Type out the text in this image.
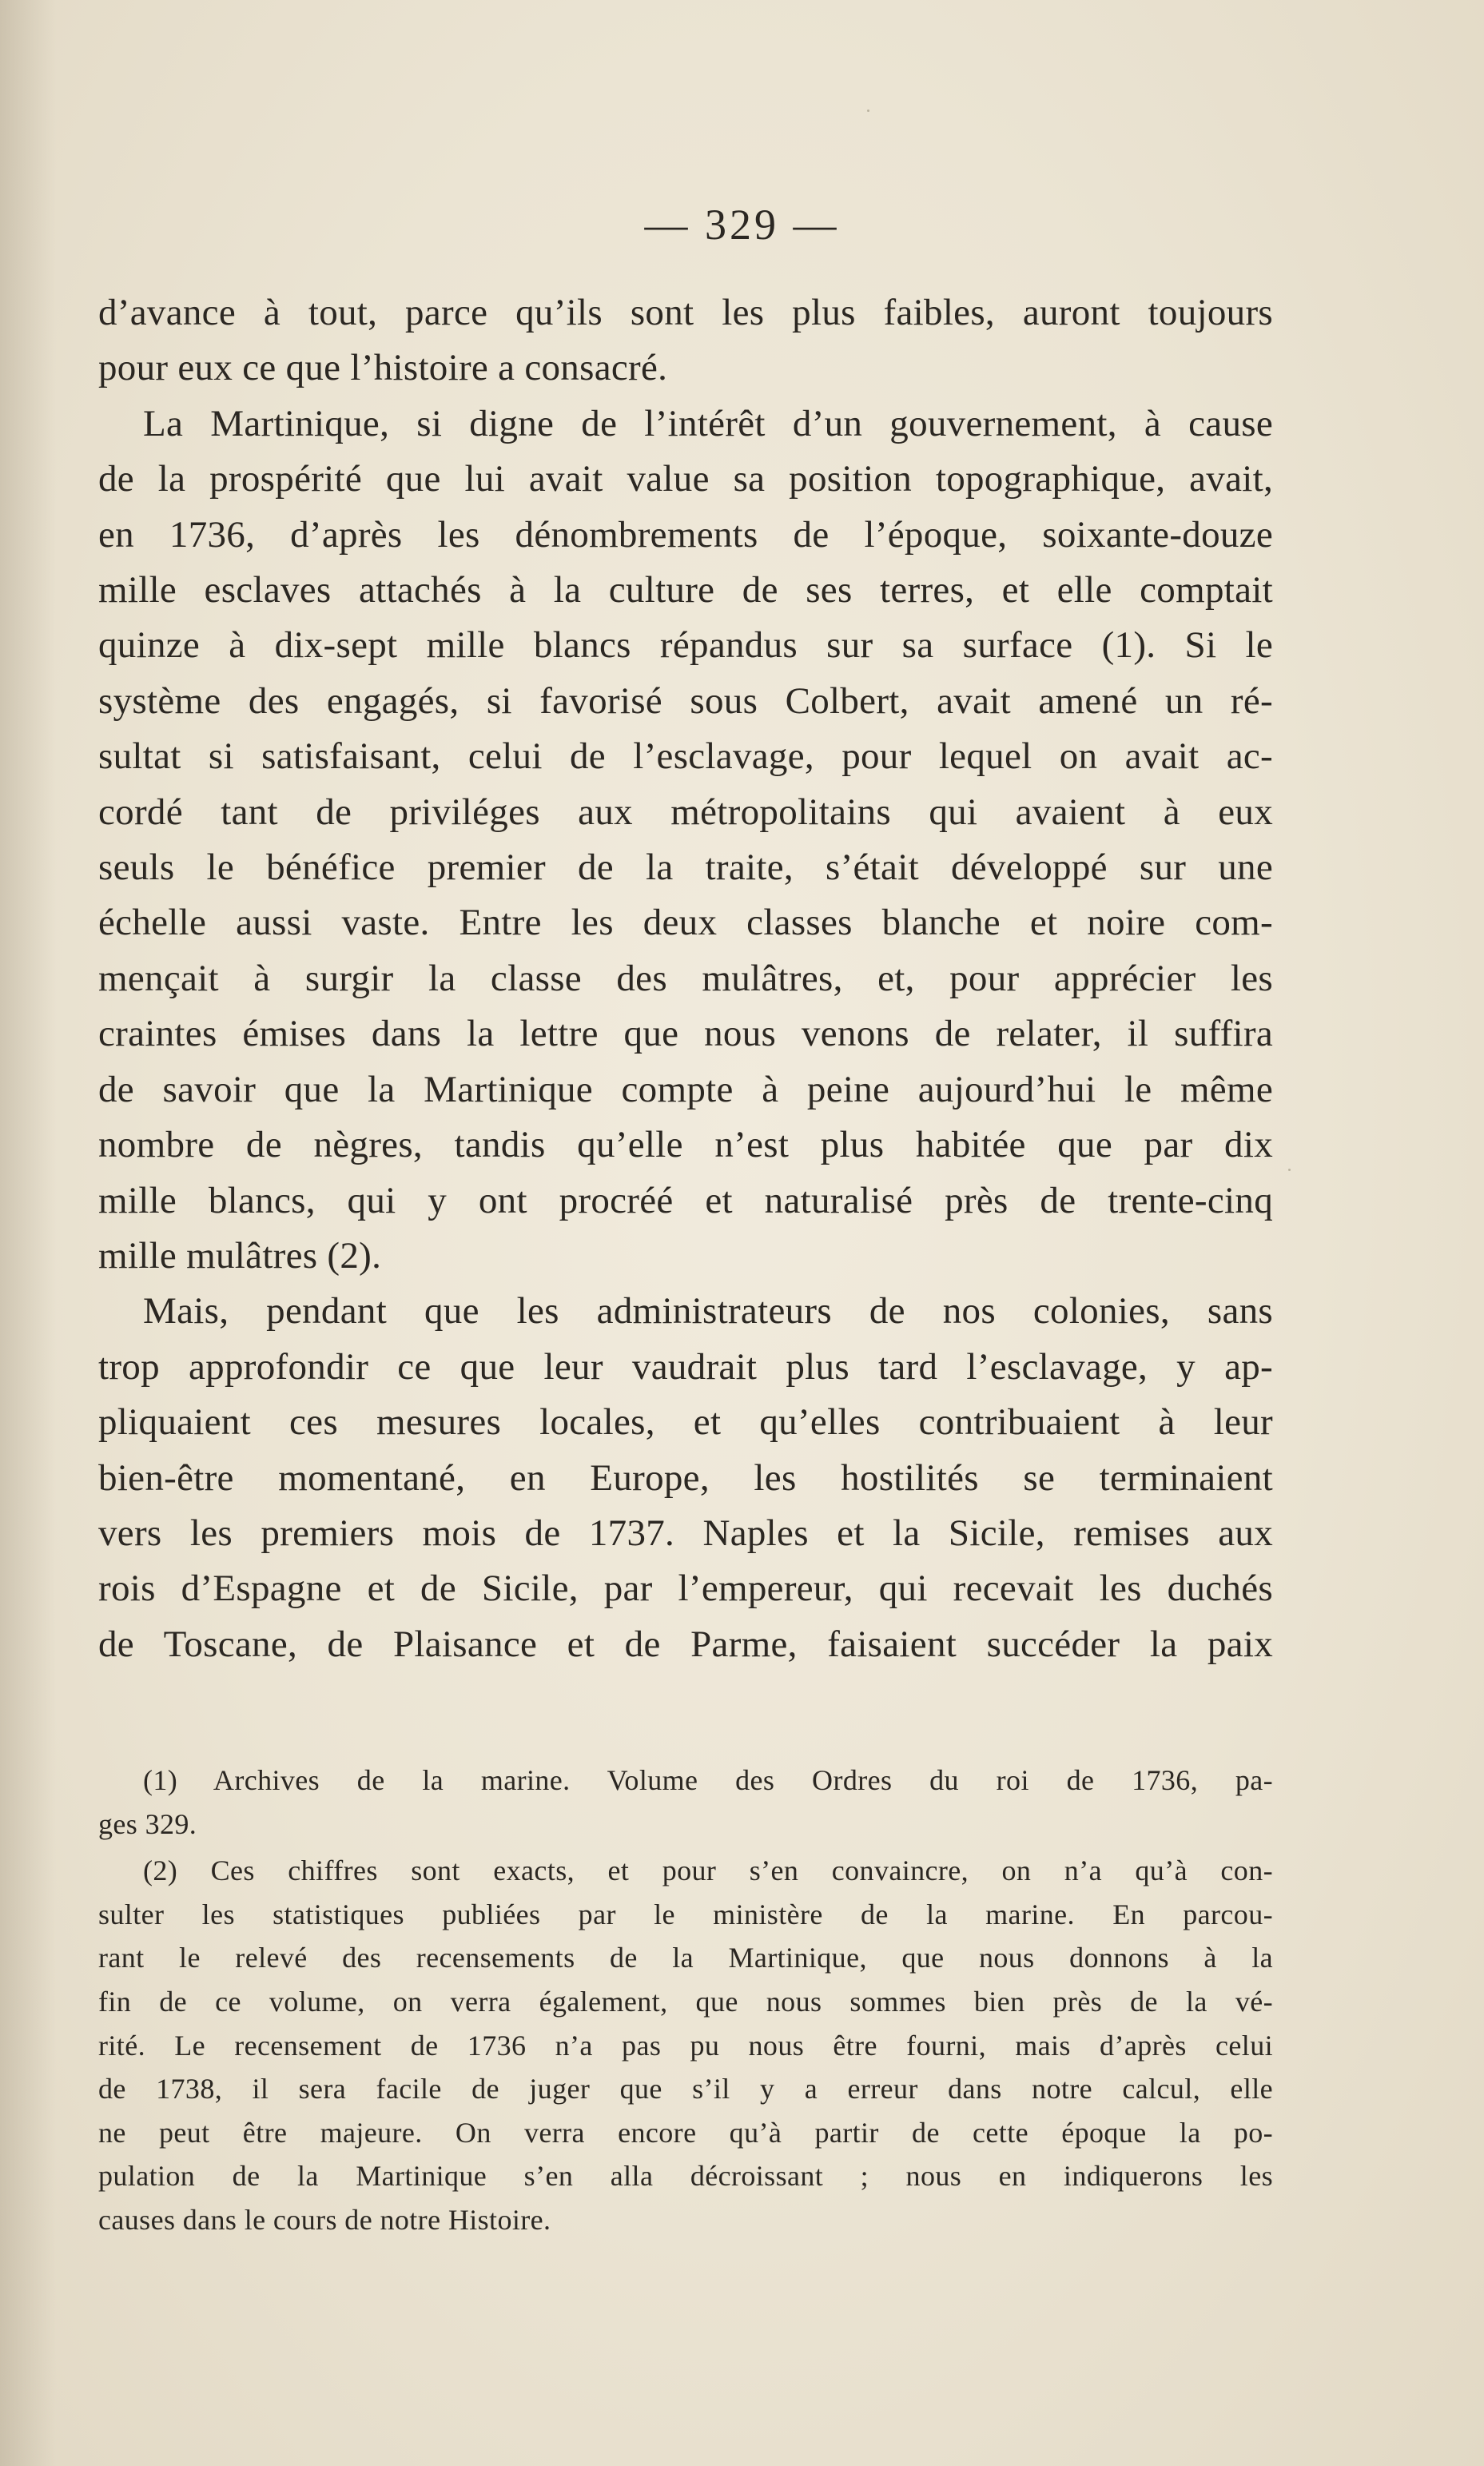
— 329 —
d’avance à tout, parce qu’ils sont les plus faibles, auront toujours
pour eux ce que l’histoire a consacré.
La Martinique, si digne de l’intérêt d’un gouvernement, à cause
de la prospérité que lui avait value sa position topographique, avait,
en 1736, d’après les dénombrements de l’époque, soixante-douze
mille esclaves attachés à la culture de ses terres, et elle comptait
quinze à dix-sept mille blancs répandus sur sa surface (1). Si le
système des engagés, si favorisé sous Colbert, avait amené un ré-
sultat si satisfaisant, celui de l’esclavage, pour lequel on avait ac-
cordé tant de priviléges aux métropolitains qui avaient à eux
seuls le bénéfice premier de la traite, s’était développé sur une
échelle aussi vaste. Entre les deux classes blanche et noire com-
mençait à surgir la classe des mulâtres, et, pour apprécier les
craintes émises dans la lettre que nous venons de relater, il suffira
de savoir que la Martinique compte à peine aujourd’hui le même
nombre de nègres, tandis qu’elle n’est plus habitée que par dix
mille blancs, qui y ont procréé et naturalisé près de trente-cinq
mille mulâtres (2).
Mais, pendant que les administrateurs de nos colonies, sans
trop approfondir ce que leur vaudrait plus tard l’esclavage, y ap-
pliquaient ces mesures locales, et qu’elles contribuaient à leur
bien-être momentané, en Europe, les hostilités se terminaient
vers les premiers mois de 1737. Naples et la Sicile, remises aux
rois d’Espagne et de Sicile, par l’empereur, qui recevait les duchés
de Toscane, de Plaisance et de Parme, faisaient succéder la paix
(1) Archives de la marine. Volume des Ordres du roi de 1736, pa-
ges 329.
(2) Ces chiffres sont exacts, et pour s’en convaincre, on n’a qu’à con-
sulter les statistiques publiées par le ministère de la marine. En parcou-
rant le relevé des recensements de la Martinique, que nous donnons à la
fin de ce volume, on verra également, que nous sommes bien près de la vé-
rité. Le recensement de 1736 n’a pas pu nous être fourni, mais d’après celui
de 1738, il sera facile de juger que s’il y a erreur dans notre calcul, elle
ne peut être majeure. On verra encore qu’à partir de cette époque la po-
pulation de la Martinique s’en alla décroissant ; nous en indiquerons les
causes dans le cours de notre Histoire.
